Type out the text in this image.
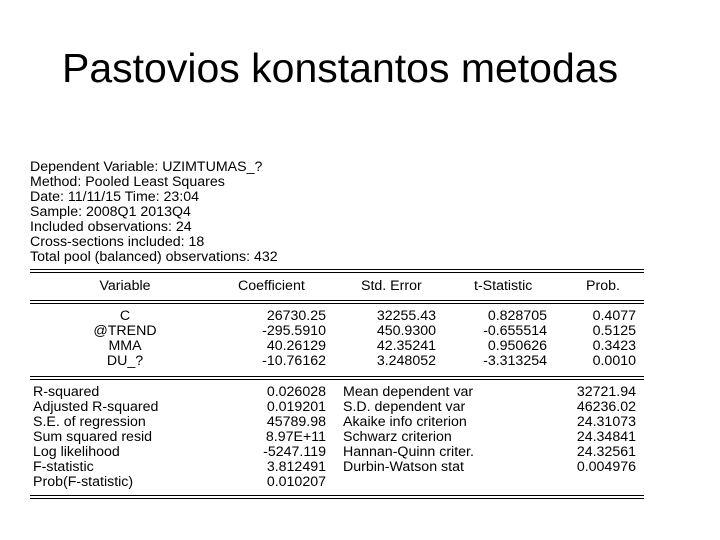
Pastovios konstantos metodas
Dependent Variable: UZIMTUMAS_?
Method: Pooled Least Squares
Date: 11/11/15 Time: 23:04
Sample: 2008Q1 2013Q4
Included observations: 24
Cross-sections included: 18
Total pool (balanced) observations: 432
Variable	Coefficient	Std. Error	t-Statistic	Prob.
C	26730.25	32255.43	0.828705	0.4077
@TREND	-295.5910	450.9300	-0.655514	0.5125
MMA	40.26129	42.35241	0.950626	0.3423
DU_?	-10.76162	3.248052	-3.313254	0.0010
R-squared	0.026028 Mean dependent var	32721.94
Adjusted R-squared	0.019201 S.D. dependent var	46236.02
S.E. of regression	45789.98 Akaike info criterion	24.31073
Sum squared resid	8.97E+11 Schwarz criterion	24.34841
Log likelihood	-5247.119 Hannan-Quinn criter.	24.32561
F-statistic	3.812491 Durbin-Watson stat	0.004976
Prob(F-statistic)	0.010207
